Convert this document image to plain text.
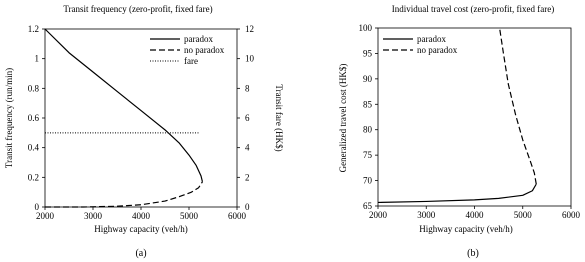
Transit frequency (zero-profit, fixed fare)
2000	3000	4000	5000	6000
0
0.2
0.4
0.6
0.8
1
1.2
0
2
4
6
8
10
12
Highway capacity (veh/h)
Transit frequency (run/min)	Transit fare (HK$)
paradox
no paradox
fare
(a)
Individual travel cost (zero-profit, fixed fare)
2000	3000	4000	5000	6000
65
70
75
80
85
90
95
100
Highway capacity (veh/h)
Generalized travel cost (HK$)
paradox
no paradox
(b)
